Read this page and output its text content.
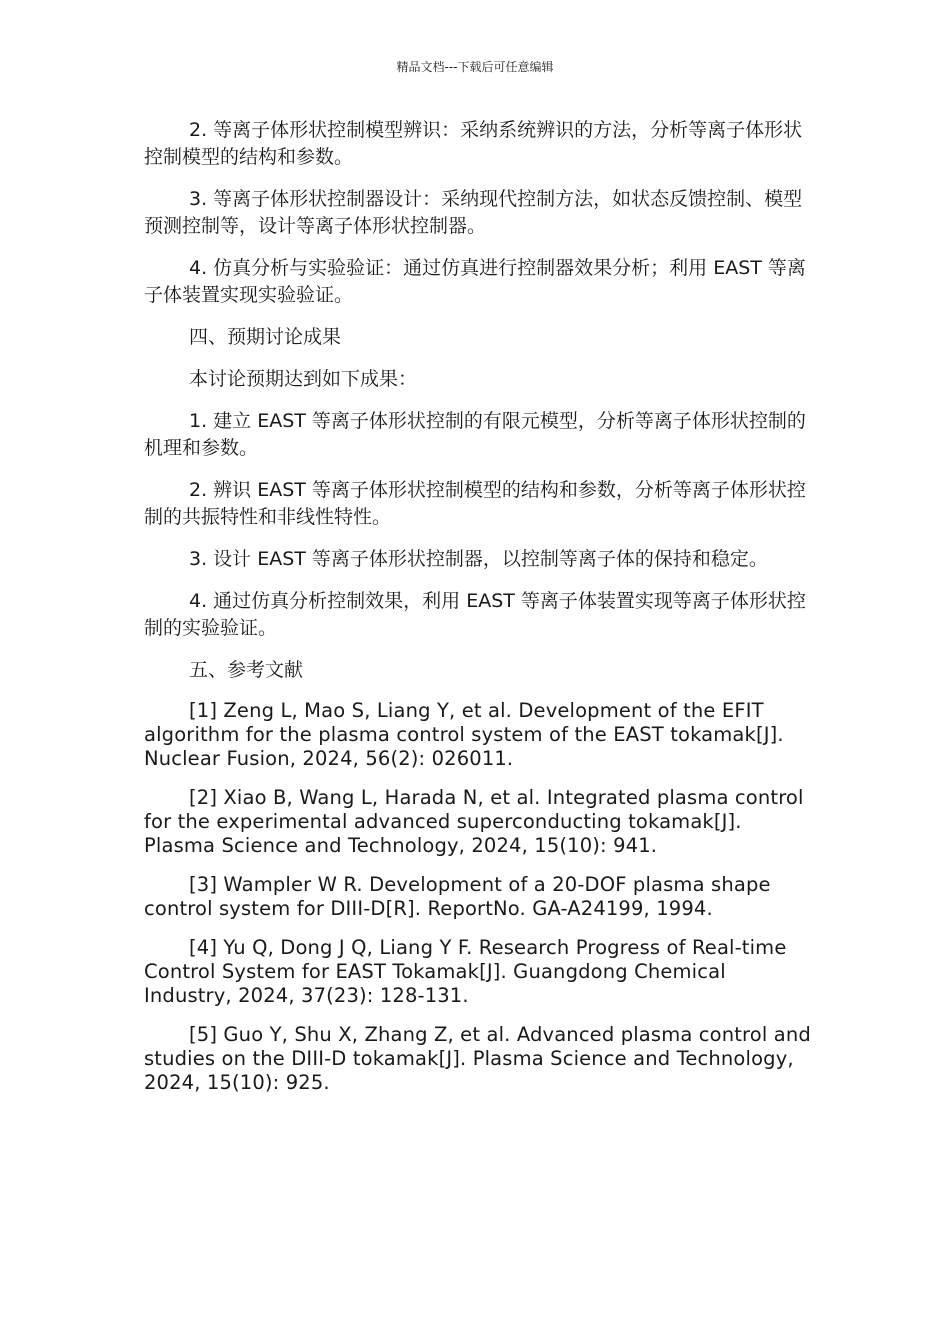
精品文档---下载后可任意编辑

2. 等离子体形状控制模型辨识：采纳系统辨识的方法，分析等离子体形状控制模型的结构和参数。

3. 等离子体形状控制器设计：采纳现代控制方法，如状态反馈控制、模型预测控制等，设计等离子体形状控制器。

4. 仿真分析与实验验证：通过仿真进行控制器效果分析；利用 EAST 等离子体装置实现实验验证。

四、预期讨论成果

本讨论预期达到如下成果：

1. 建立 EAST 等离子体形状控制的有限元模型，分析等离子体形状控制的机理和参数。

2. 辨识 EAST 等离子体形状控制模型的结构和参数，分析等离子体形状控制的共振特性和非线性特性。

3. 设计 EAST 等离子体形状控制器，以控制等离子体的保持和稳定。

4. 通过仿真分析控制效果，利用 EAST 等离子体装置实现等离子体形状控制的实验验证。

五、参考文献

[1] Zeng L, Mao S, Liang Y, et al. Development of the EFIT algorithm for the plasma control system of the EAST tokamak[J]. Nuclear Fusion, 2024, 56(2): 026011.

[2] Xiao B, Wang L, Harada N, et al. Integrated plasma control for the experimental advanced superconducting tokamak[J]. Plasma Science and Technology, 2024, 15(10): 941.

[3] Wampler W R. Development of a 20-DOF plasma shape control system for DIII-D[R]. ReportNo. GA-A24199, 1994.

[4] Yu Q, Dong J Q, Liang Y F. Research Progress of Real-time Control System for EAST Tokamak[J]. Guangdong Chemical Industry, 2024, 37(23): 128-131.

[5] Guo Y, Shu X, Zhang Z, et al. Advanced plasma control and studies on the DIII-D tokamak[J]. Plasma Science and Technology, 2024, 15(10): 925.
